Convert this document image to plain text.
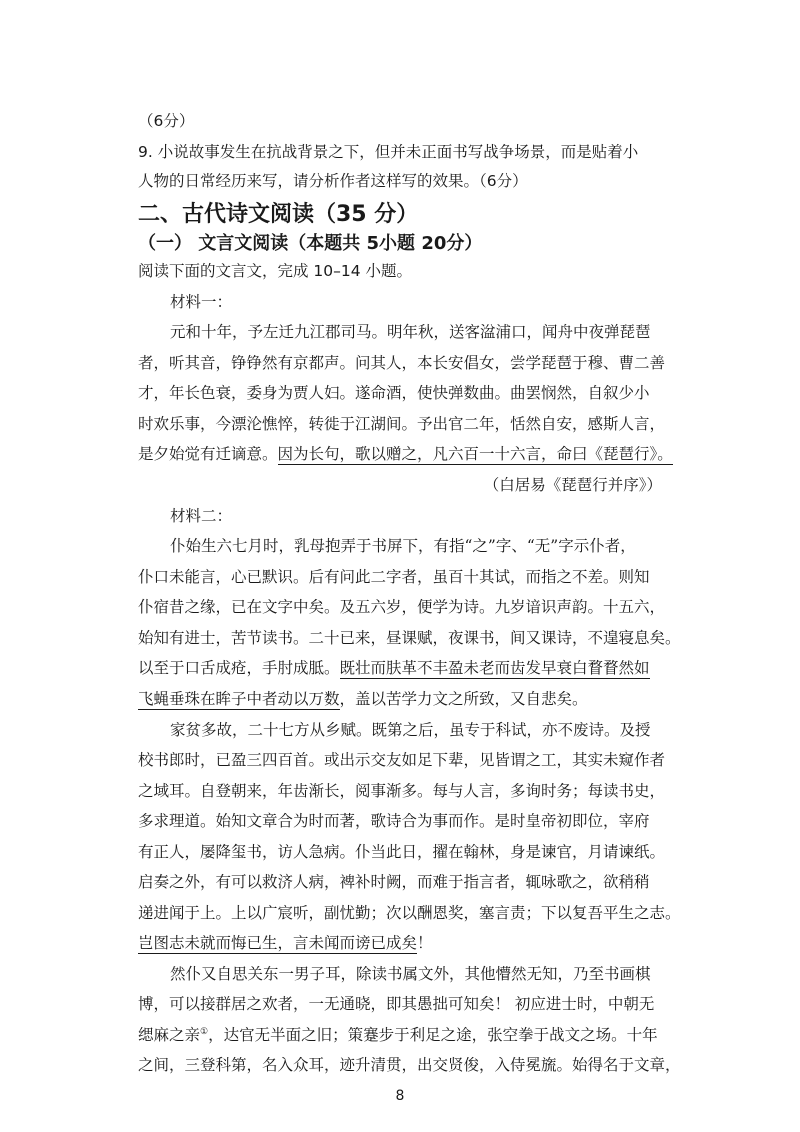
（6分）
9. 小说故事发生在抗战背景之下，但并未正面书写战争场景，而是贴着小
人物的日常经历来写，请分析作者这样写的效果。（6分）
二、古代诗文阅读（35 分）
（一） 文言文阅读（本题共 5小题 20分）
阅读下面的文言文，完成 10–14 小题。
材料一：
元和十年，予左迁九江郡司马。明年秋，送客湓浦口，闻舟中夜弹琵琶
者，听其音，铮铮然有京都声。问其人，本长安倡女，尝学琵琶于穆、曹二善
才，年长色衰，委身为贾人妇。遂命酒，使快弹数曲。曲罢悯然，自叙少小
时欢乐事，今漂沦憔悴，转徙于江湖间。予出官二年，恬然自安，感斯人言，
是夕始觉有迁谪意。因为长句，歌以赠之，凡六百一十六言，命曰《琵琶行》。
（白居易《琵琶行并序》）
材料二：
仆始生六七月时，乳母抱弄于书屏下，有指“之”字、“无”字示仆者，
仆口未能言，心已默识。后有问此二字者，虽百十其试，而指之不差。则知
仆宿昔之缘，已在文字中矣。及五六岁，便学为诗。九岁谙识声韵。十五六，
始知有进士，苦节读书。二十已来，昼课赋，夜课书，间又课诗，不遑寝息矣。
以至于口舌成疮，手肘成胝。既壮而肤革不丰盈未老而齿发早衰白瞀瞀然如
飞蝇垂珠在眸子中者动以万数，盖以苦学力文之所致，又自悲矣。
家贫多故，二十七方从乡赋。既第之后，虽专于科试，亦不废诗。及授
校书郎时，已盈三四百首。或出示交友如足下辈，见皆谓之工，其实未窥作者
之域耳。自登朝来，年齿渐长，阅事渐多。每与人言，多询时务；每读书史，
多求理道。始知文章合为时而著，歌诗合为事而作。是时皇帝初即位，宰府
有正人，屡降玺书，访人急病。仆当此日，擢在翰林，身是谏官，月请谏纸。
启奏之外，有可以救济人病，裨补时阙，而难于指言者，辄咏歌之，欲稍稍
递进闻于上。上以广宸听，副忧勤；次以酬恩奖，塞言责；下以复吾平生之志。
岂图志未就而悔已生，言未闻而谤已成矣！
然仆又自思关东一男子耳，除读书属文外，其他懵然无知，乃至书画棋
博，可以接群居之欢者，一无通晓，即其愚拙可知矣！ 初应进士时，中朝无
缌麻之亲①，达官无半面之旧；策蹇步于利足之途，张空拳于战文之场。十年
之间，三登科第，名入众耳，迹升清贯，出交贤俊，入侍冕旒。始得名于文章，
8
